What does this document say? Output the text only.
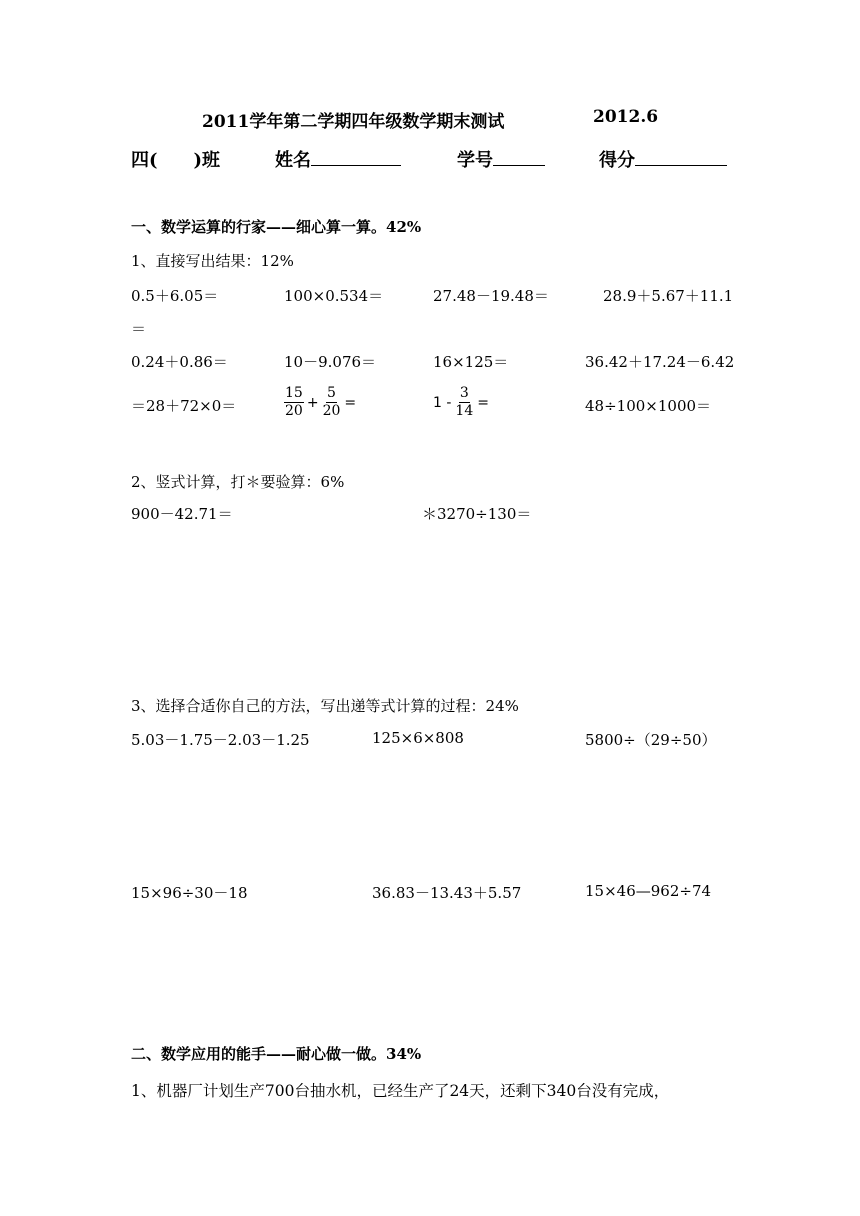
2011学年第二学期四年级数学期末测试	2012.6
四(　　)班	姓名	学号	得分
一、数学运算的行家——细心算一算。42%
1、直接写出结果：12%
0.5＋6.05＝	100×0.534＝	27.48－19.48＝	28.9＋5.67＋11.1
＝
0.24＋0.86＝	10－9.076＝	16×125＝	36.42＋17.24－6.42
＝28＋72×0＝	$\frac{15}{20} + \frac{5}{20}$ =	$1 - \frac{3}{14}$ =	48÷100×1000＝
2、竖式计算，打＊要验算：6%
900－42.71＝	＊3270÷130＝
3、选择合适你自己的方法，写出递等式计算的过程：24%
5.03－1.75－2.03－1.25	125×6×808	5800÷（29÷50）
15×96÷30－18	36.83－13.43＋5.57	15×46—962÷74
二、数学应用的能手——耐心做一做。34%
1、机器厂计划生产700台抽水机，已经生产了24天，还剩下340台没有完成，
